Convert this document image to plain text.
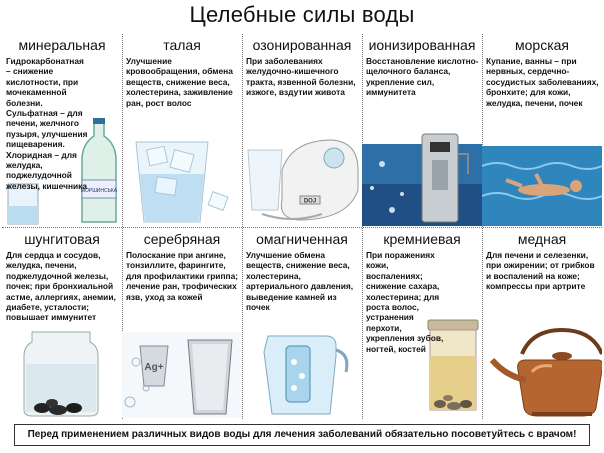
Целебные силы воды
МОРШИНСЬКА
минеральная
Гидрокарбонатная – снижение кислотности, при мочекаменной болезни. Сульфатная – для печени, желчного пузыря, улучшения пищеварения. Хлоридная – для желудка, поджелудочной железы, кишечника
талая
Улучшение кровообращения, обмена веществ, снижение веса, холестерина, заживление ран, рост волос
DOJ
озонированная
При заболеваниях желудочно-кишечного тракта, язвенной болезни, изжоге, вздутии живота
ионизированная
Восстановление кислотно-щелочного баланса, укрепление сил, иммунитета
морская
Купание, ванны – при нервных, сердечно-сосудистых заболеваниях, бронхите; для кожи, желудка, печени, почек
шунгитовая
Для сердца и сосудов, желудка, печени, поджелудочной железы, почек; при бронхиальной астме, аллергиях, анемии, диабете, усталости; повышает иммунитет
Ag+
серебряная
Полоскание при ангине, тонзиллите, фарингите, для профилактики гриппа; лечение ран, трофических язв, уход за кожей
омагниченная
Улучшение обмена веществ, снижение веса, холестерина, артериального давления, выведение камней из почек
кремниевая
При поражениях кожи, воспалениях; снижение сахара, холестерина; для роста волос, устранения перхоти, укрепления зубов, ногтей, костей
медная
Для печени и селезенки, при ожирении; от грибков и воспалений на коже; компрессы при артрите
Перед применением различных видов воды для лечения заболеваний обязательно посоветуйтесь с врачом!
